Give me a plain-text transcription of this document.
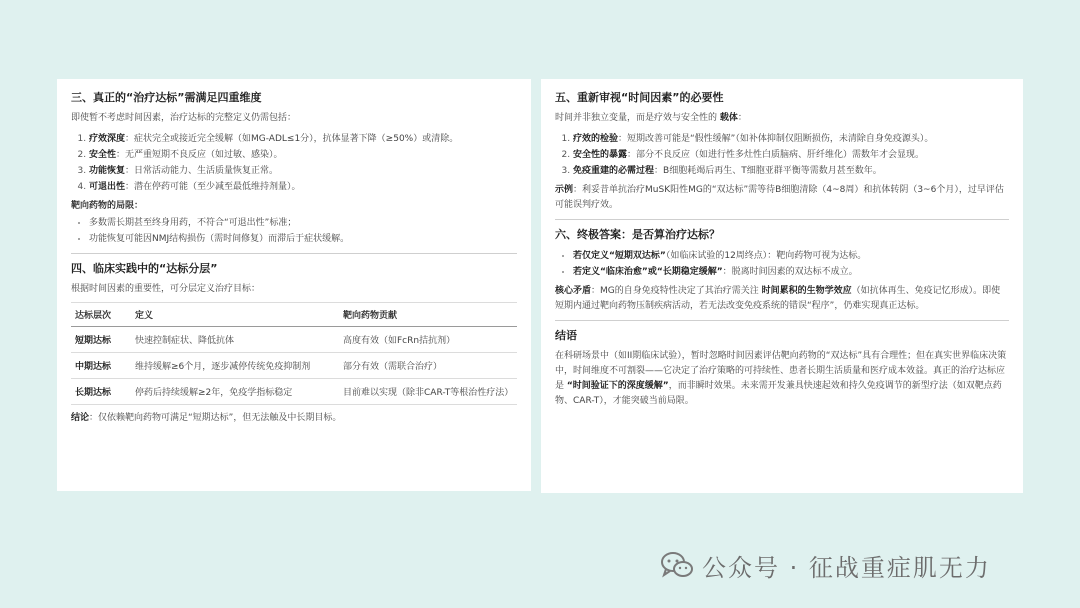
三、真正的“治疗达标”需满足四重维度
即使暂不考虑时间因素，治疗达标的完整定义仍需包括：
1. 疗效深度：症状完全或接近完全缓解（如MG-ADL≤1分），抗体显著下降（≥50%）或清除。
2. 安全性：无严重短期不良反应（如过敏、感染）。
3. 功能恢复：日常活动能力、生活质量恢复正常。
4. 可退出性：潜在停药可能（至少减至最低维持剂量）。
靶向药物的局限：
• 多数需长期甚至终身用药，不符合“可退出性”标准；
• 功能恢复可能因NMJ结构损伤（需时间修复）而滞后于症状缓解。
四、临床实践中的“达标分层”
根据时间因素的重要性，可分层定义治疗目标：
达标层次	定义	靶向药物贡献
短期达标	快速控制症状、降低抗体	高度有效（如FcRn拮抗剂）
中期达标	维持缓解≥6个月，逐步减停传统免疫抑制剂	部分有效（需联合治疗）
长期达标	停药后持续缓解≥2年，免疫学指标稳定	目前难以实现（除非CAR-T等根治性疗法）
结论：仅依赖靶向药物可满足“短期达标”，但无法触及中长期目标。
五、重新审视“时间因素”的必要性
时间并非独立变量，而是疗效与安全性的 载体：
1. 疗效的检验：短期改善可能是“假性缓解”（如补体抑制仅阻断损伤，未清除自身免疫源头）。
2. 安全性的暴露：部分不良反应（如进行性多灶性白质脑病、肝纤维化）需数年才会显现。
3. 免疫重建的必需过程：B细胞耗竭后再生、T细胞亚群平衡等需数月甚至数年。
示例：利妥昔单抗治疗MuSK阳性MG的“双达标”需等待B细胞清除（4~8周）和抗体转阴（3~6个月），过早评估可能误判疗效。
六、终极答案：是否算治疗达标？
• 若仅定义“短期双达标”（如临床试验的12周终点）：靶向药物可视为达标。
• 若定义“临床治愈”或“长期稳定缓解”：脱离时间因素的双达标不成立。
核心矛盾：MG的自身免疫特性决定了其治疗需关注 时间累积的生物学效应（如抗体再生、免疫记忆形成）。即使短期内通过靶向药物压制疾病活动，若无法改变免疫系统的错误“程序”，仍难实现真正达标。
结语
在科研场景中（如II期临床试验），暂时忽略时间因素评估靶向药物的“双达标”具有合理性；但在真实世界临床决策中，时间维度不可割裂——它决定了治疗策略的可持续性、患者长期生活质量和医疗成本效益。真正的治疗达标应是 “时间验证下的深度缓解”，而非瞬时效果。未来需开发兼具快速起效和持久免疫调节的新型疗法（如双靶点药物、CAR-T），才能突破当前局限。
公众号 · 征战重症肌无力
